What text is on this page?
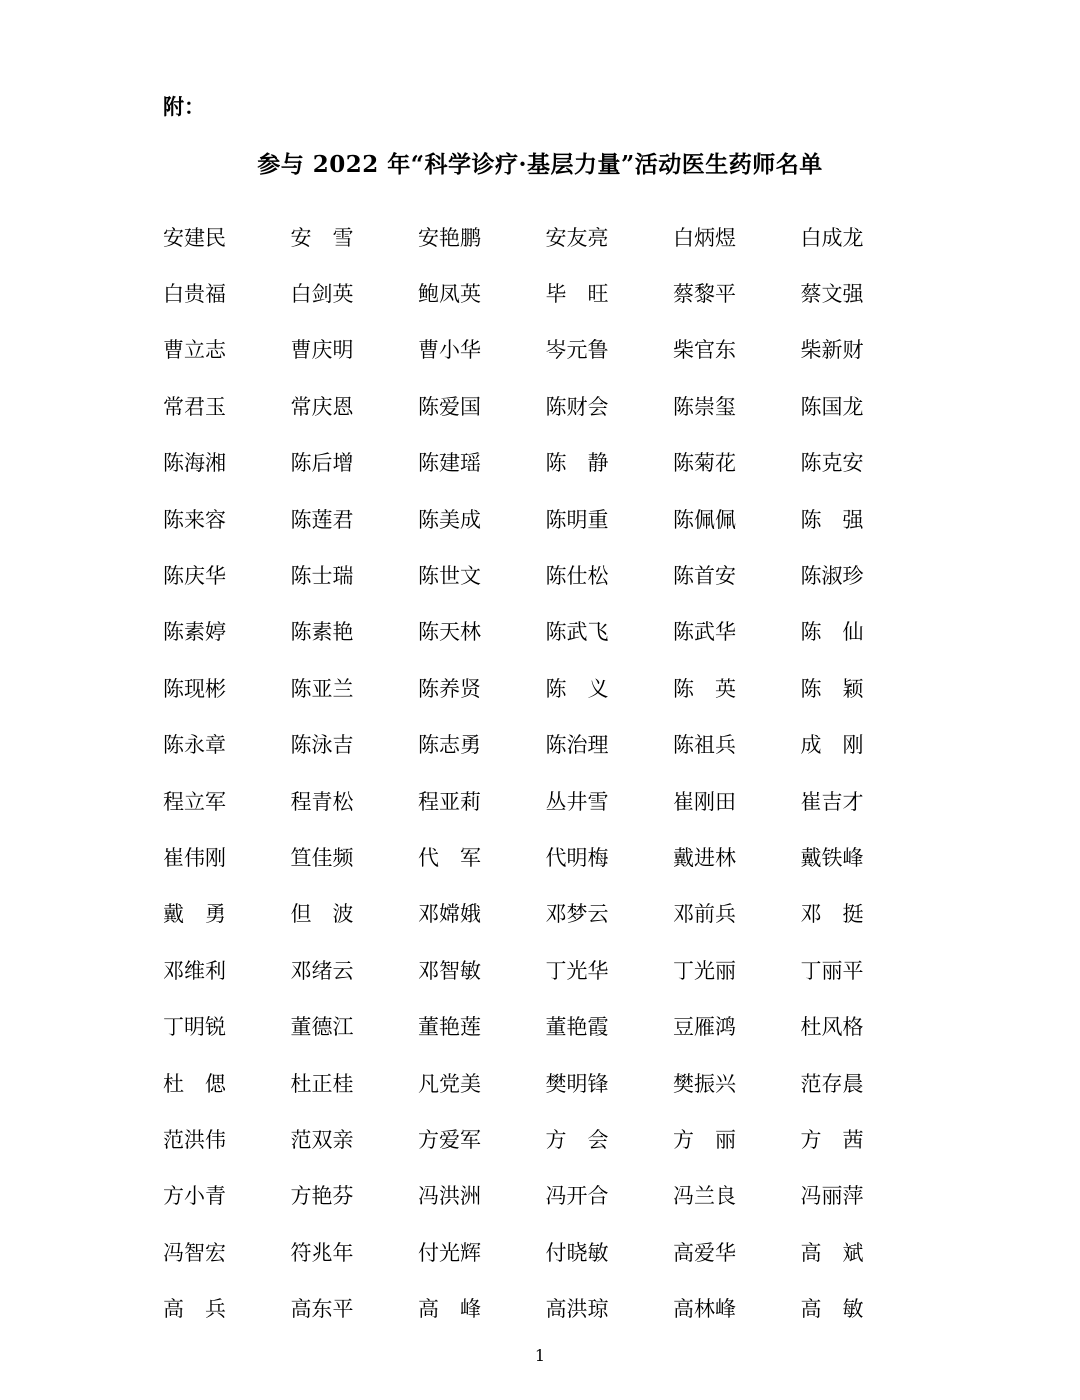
附：
参与 2022 年“科学诊疗·基层力量”活动医生药师名单
安建民	安　雪	安艳鹏	安友亮	白炳煜	白成龙
白贵福	白剑英	鲍凤英	毕　旺	蔡黎平	蔡文强
曹立志	曹庆明	曹小华	岑元鲁	柴官东	柴新财
常君玉	常庆恩	陈爱国	陈财会	陈崇玺	陈国龙
陈海湘	陈后增	陈建瑶	陈　静	陈菊花	陈克安
陈来容	陈莲君	陈美成	陈明重	陈佩佩	陈　强
陈庆华	陈士瑞	陈世文	陈仕松	陈首安	陈淑珍
陈素婷	陈素艳	陈天林	陈武飞	陈武华	陈　仙
陈现彬	陈亚兰	陈养贤	陈　义	陈　英	陈　颖
陈永章	陈泳吉	陈志勇	陈治理	陈祖兵	成　刚
程立军	程青松	程亚莉	丛井雪	崔刚田	崔吉才
崔伟刚	笪佳频	代　军	代明梅	戴进林	戴铁峰
戴　勇	但　波	邓嫦娥	邓梦云	邓前兵	邓　挺
邓维利	邓绪云	邓智敏	丁光华	丁光丽	丁丽平
丁明锐	董德江	董艳莲	董艳霞	豆雁鸿	杜风格
杜　偲	杜正桂	凡党美	樊明锋	樊振兴	范存晨
范洪伟	范双亲	方爱军	方　会	方　丽	方　茜
方小青	方艳芬	冯洪洲	冯开合	冯兰良	冯丽萍
冯智宏	符兆年	付光辉	付晓敏	高爱华	高　斌
高　兵	高东平	高　峰	高洪琼	高林峰	高　敏
1
